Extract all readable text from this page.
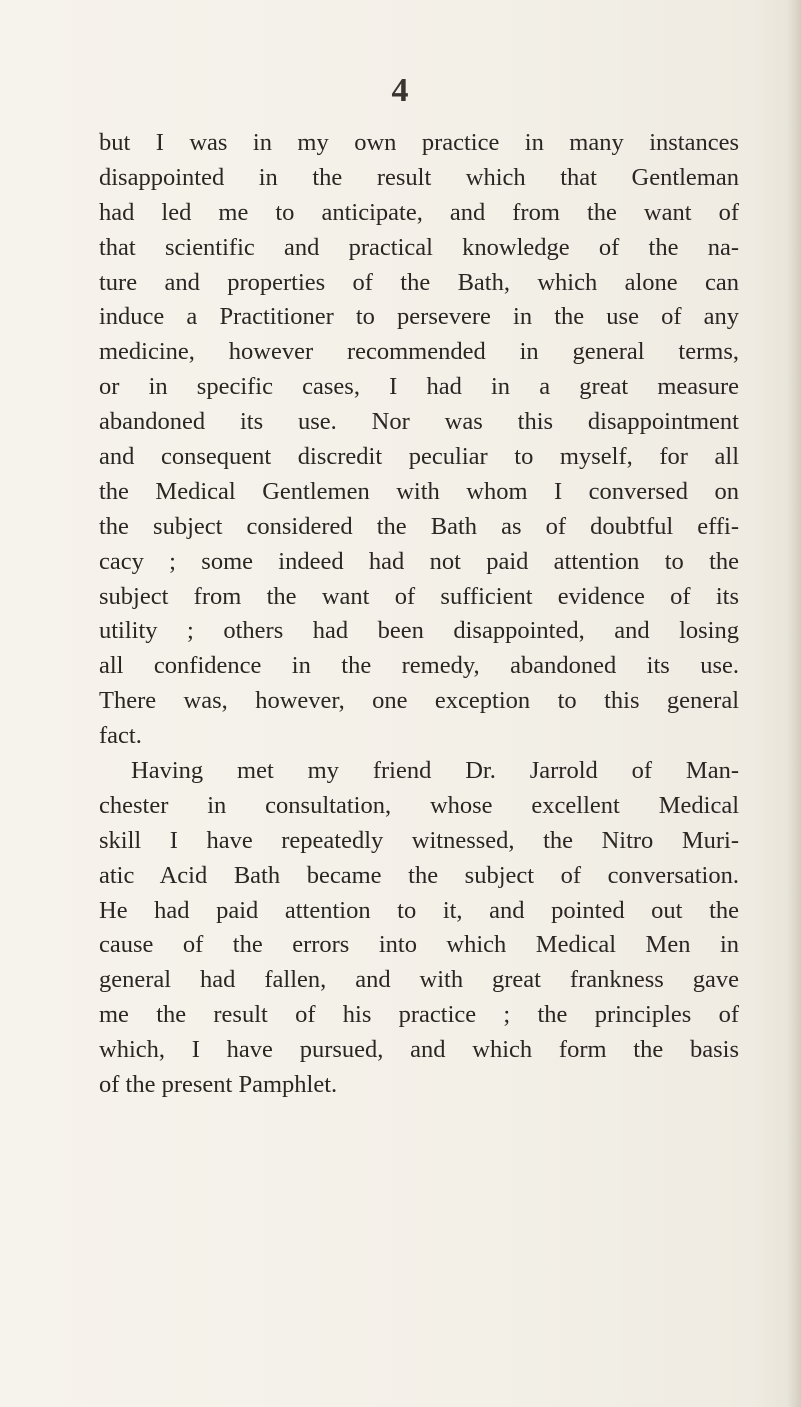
4
but I was in my own practice in many instances
disappointed in the result which that Gentleman
had led me to anticipate, and from the want of
that scientific and practical knowledge of the na-
ture and properties of the Bath, which alone can
induce a Practitioner to persevere in the use of any
medicine, however recommended in general terms,
or in specific cases, I had in a great measure
abandoned its use. Nor was this disappointment
and consequent discredit peculiar to myself, for all
the Medical Gentlemen with whom I conversed on
the subject considered the Bath as of doubtful effi-
cacy ; some indeed had not paid attention to the
subject from the want of sufficient evidence of its
utility ; others had been disappointed, and losing
all confidence in the remedy, abandoned its use.
There was, however, one exception to this general
fact.
Having met my friend Dr. Jarrold of Man-
chester in consultation, whose excellent Medical
skill I have repeatedly witnessed, the Nitro Muri-
atic Acid Bath became the subject of conversation.
He had paid attention to it, and pointed out the
cause of the errors into which Medical Men in
general had fallen, and with great frankness gave
me the result of his practice ; the principles of
which, I have pursued, and which form the basis
of the present Pamphlet.
